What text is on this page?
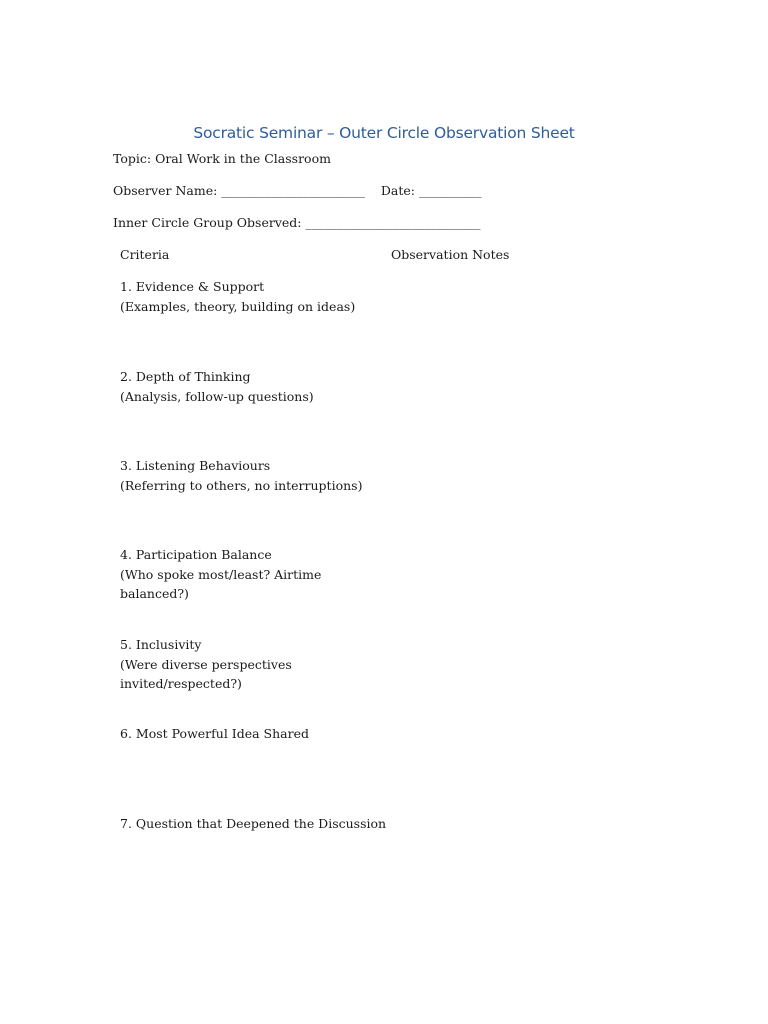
Socratic Seminar – Outer Circle Observation Sheet
Topic: Oral Work in the Classroom
Observer Name: _______________________    Date: __________
Inner Circle Group Observed: ____________________________
Criteria	Observation Notes
1. Evidence & Support
(Examples, theory, building on ideas)
2. Depth of Thinking
(Analysis, follow-up questions)
3. Listening Behaviours
(Referring to others, no interruptions)
4. Participation Balance
(Who spoke most/least? Airtime balanced?)
5. Inclusivity
(Were diverse perspectives invited/respected?)
6. Most Powerful Idea Shared
7. Question that Deepened the Discussion
